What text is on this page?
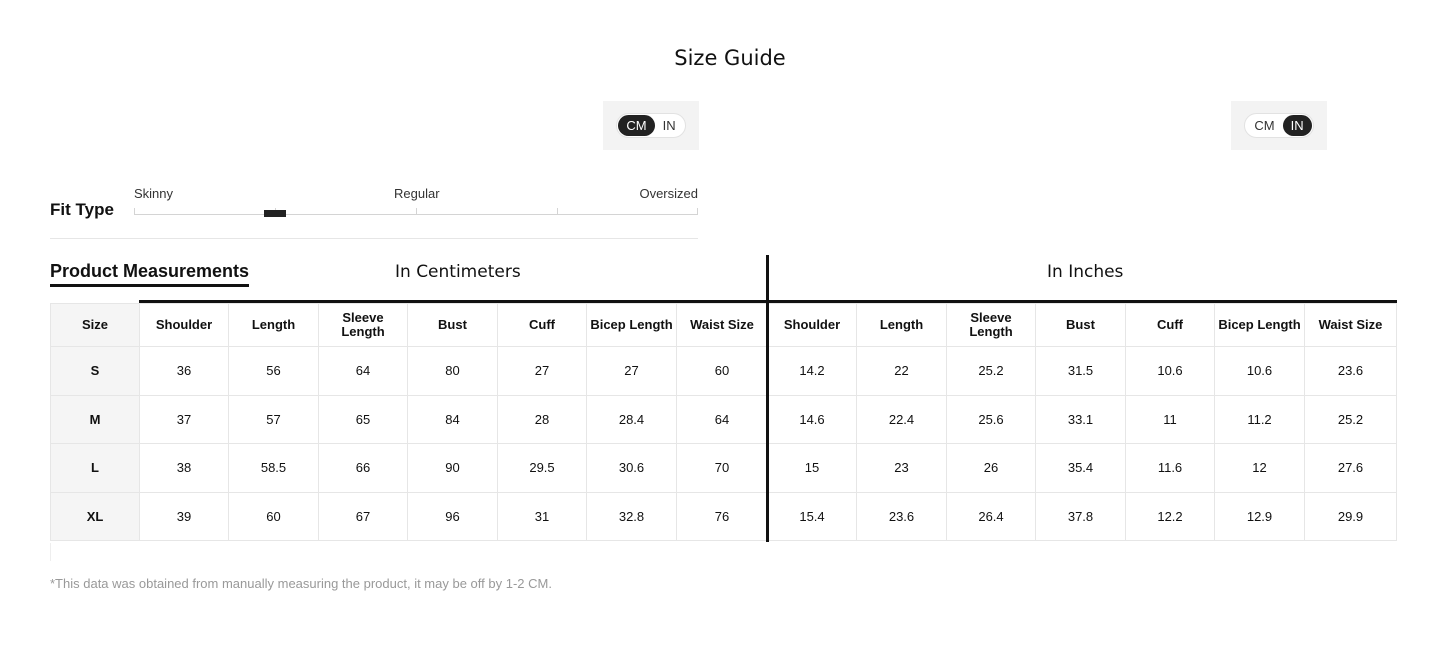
Size Guide
CM	IN	CM	IN
Fit Type
Skinny	Regular	Oversized
Product Measurements	In Centimeters	In Inches
Size	Shoulder	Length	Sleeve Length	Bust	Cuff	Bicep Length	Waist Size	Shoulder	Length	Sleeve Length	Bust	Cuff	Bicep Length	Waist Size
S	36	56	64	80	27	27	60	14.2	22	25.2	31.5	10.6	10.6	23.6
M	37	57	65	84	28	28.4	64	14.6	22.4	25.6	33.1	11	11.2	25.2
L	38	58.5	66	90	29.5	30.6	70	15	23	26	35.4	11.6	12	27.6
XL	39	60	67	96	31	32.8	76	15.4	23.6	26.4	37.8	12.2	12.9	29.9
*This data was obtained from manually measuring the product, it may be off by 1-2 CM.
